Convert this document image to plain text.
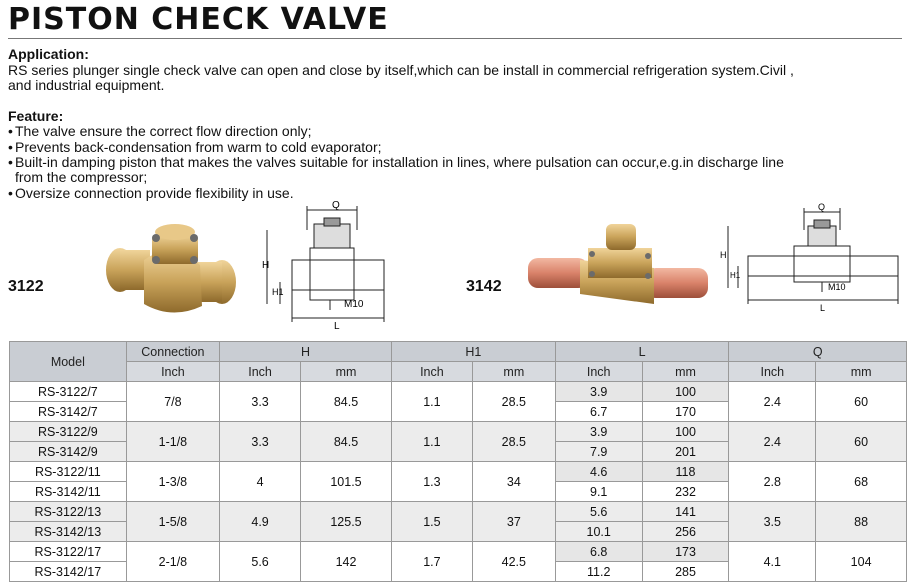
PISTON CHECK VALVE
Application:
RS series plunger single check valve can open and close by itself,which can be install in commercial refrigeration system.Civil ,
and industrial equipment.
Feature:
• The valve ensure the correct flow direction only;
• Prevents back-condensation from warm to cold evaporator;
• Built-in damping piston that makes the valves suitable for installation in lines, where pulsation can occur,e.g.in discharge line
from the compressor;
• Oversize connection provide flexibility in use.
3122
Q
H
H1
M10
L
3142
Q
H
H1
M10
L
Model	Connection	H		H1		L		Q	
	Inch	Inch	mm	Inch	mm	Inch	mm	Inch	mm
RS-3122/7	7/8	3.3	84.5	1.1	28.5	3.9	100	2.4	60
RS-3142/7						6.7	170		
RS-3122/9	1-1/8	3.3	84.5	1.1	28.5	3.9	100	2.4	60
RS-3142/9						7.9	201		
RS-3122/11	1-3/8	4	101.5	1.3	34	4.6	118	2.8	68
RS-3142/11						9.1	232		
RS-3122/13	1-5/8	4.9	125.5	1.5	37	5.6	141	3.5	88
RS-3142/13						10.1	256		
RS-3122/17	2-1/8	5.6	142	1.7	42.5	6.8	173	4.1	104
RS-3142/17						11.2	285		
